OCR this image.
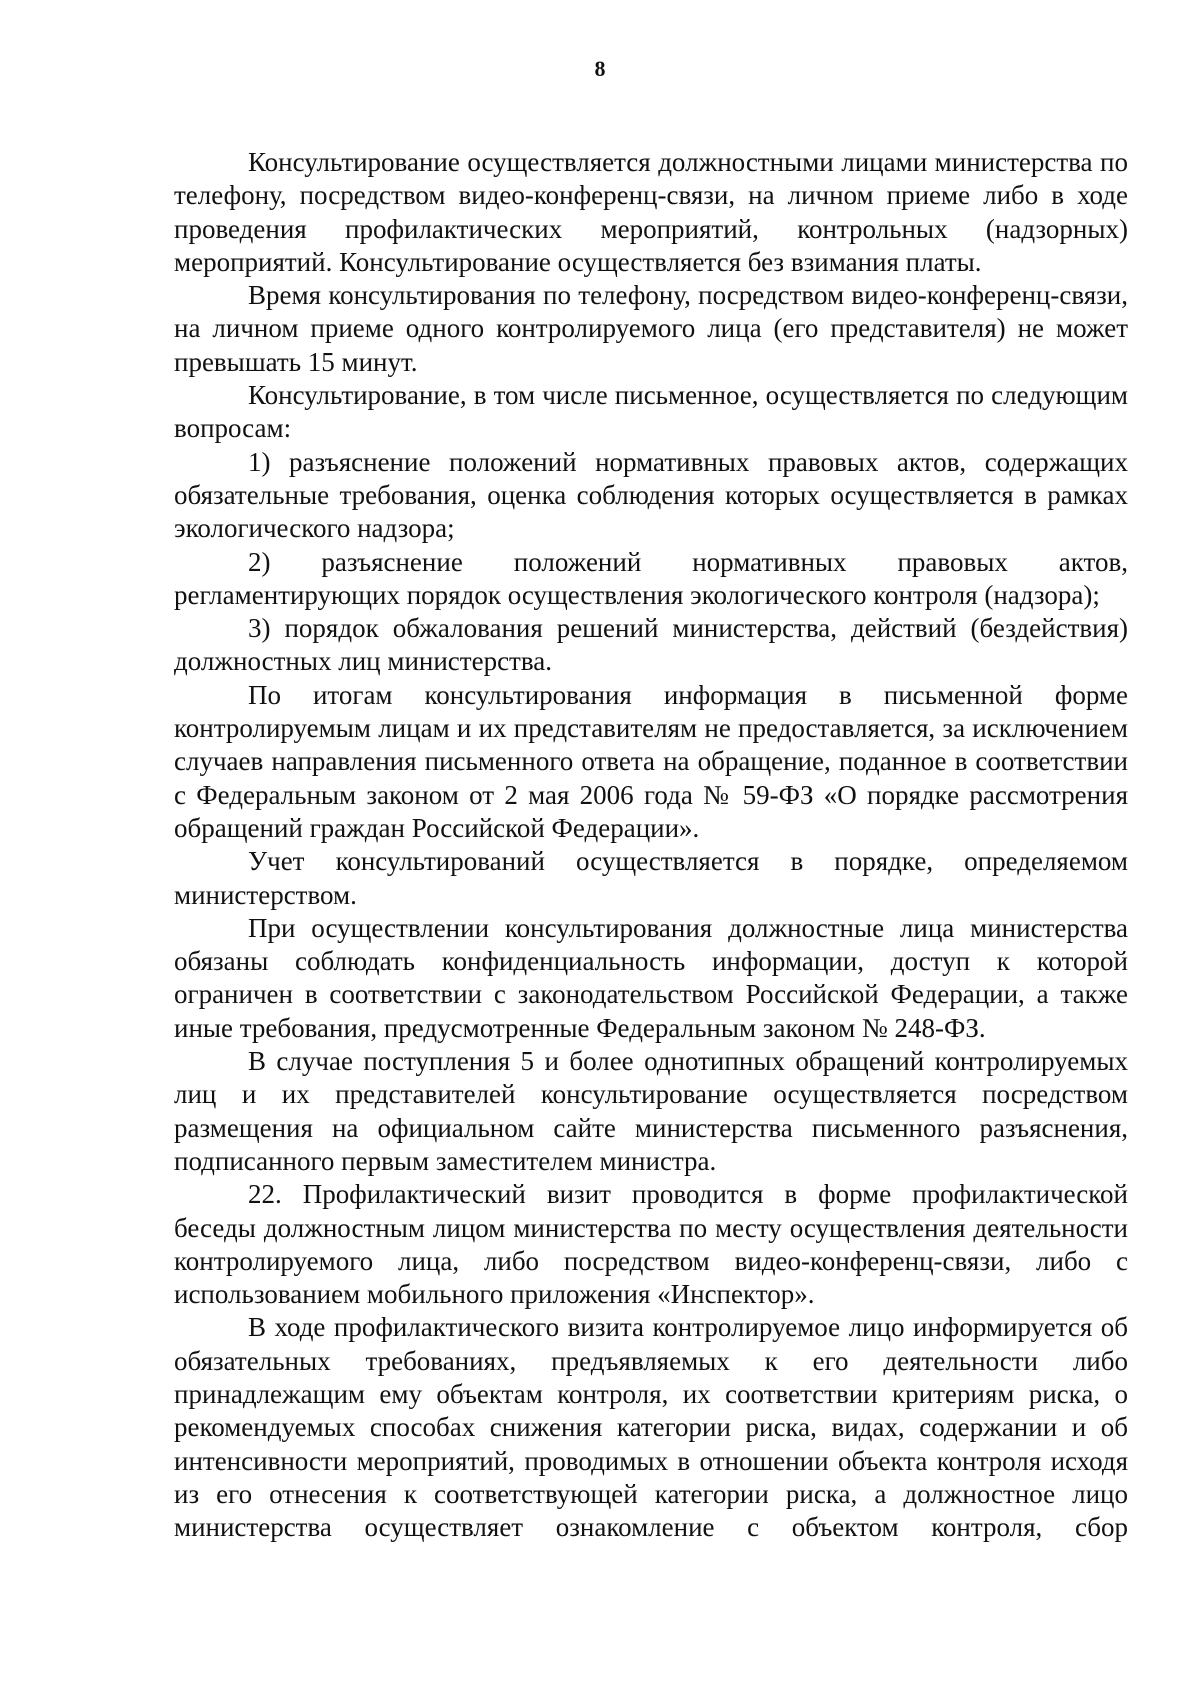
8

Консультирование осуществляется должностными лицами министерства по телефону, посредством видео-конференц-связи, на личном приеме либо в ходе проведения профилактических мероприятий, контрольных (надзорных) мероприятий. Консультирование осуществляется без взимания платы.

Время консультирования по телефону, посредством видео-конференц-связи, на личном приеме одного контролируемого лица (его представителя) не может превышать 15 минут.

Консультирование, в том числе письменное, осуществляется по следующим вопросам:

1) разъяснение положений нормативных правовых актов, содержащих обязательные требования, оценка соблюдения которых осуществляется в рамках экологического надзора;

2) разъяснение положений нормативных правовых актов, регламентирующих порядок осуществления экологического контроля (надзора);

3) порядок обжалования решений министерства, действий (бездействия) должностных лиц министерства.

По итогам консультирования информация в письменной форме контролируемым лицам и их представителям не предоставляется, за исключением случаев направления письменного ответа на обращение, поданное в соответствии с Федеральным законом от 2 мая 2006 года № 59-ФЗ «О порядке рассмотрения обращений граждан Российской Федерации».

Учет консультирований осуществляется в порядке, определяемом министерством.

При осуществлении консультирования должностные лица министерства обязаны соблюдать конфиденциальность информации, доступ к которой ограничен в соответствии с законодательством Российской Федерации, а также иные требования, предусмотренные Федеральным законом № 248-ФЗ.

В случае поступления 5 и более однотипных обращений контролируемых лиц и их представителей консультирование осуществляется посредством размещения на официальном сайте министерства письменного разъяснения, подписанного первым заместителем министра.

22. Профилактический визит проводится в форме профилактической беседы должностным лицом министерства по месту осуществления деятельности контролируемого лица, либо посредством видео-конференц-связи, либо с использованием мобильного приложения «Инспектор».

В ходе профилактического визита контролируемое лицо информируется об обязательных требованиях, предъявляемых к его деятельности либо принадлежащим ему объектам контроля, их соответствии критериям риска, о рекомендуемых способах снижения категории риска, видах, содержании и об интенсивности мероприятий, проводимых в отношении объекта контроля исходя из его отнесения к соответствующей категории риска, а должностное лицо министерства осуществляет ознакомление с объектом контроля, сбор
